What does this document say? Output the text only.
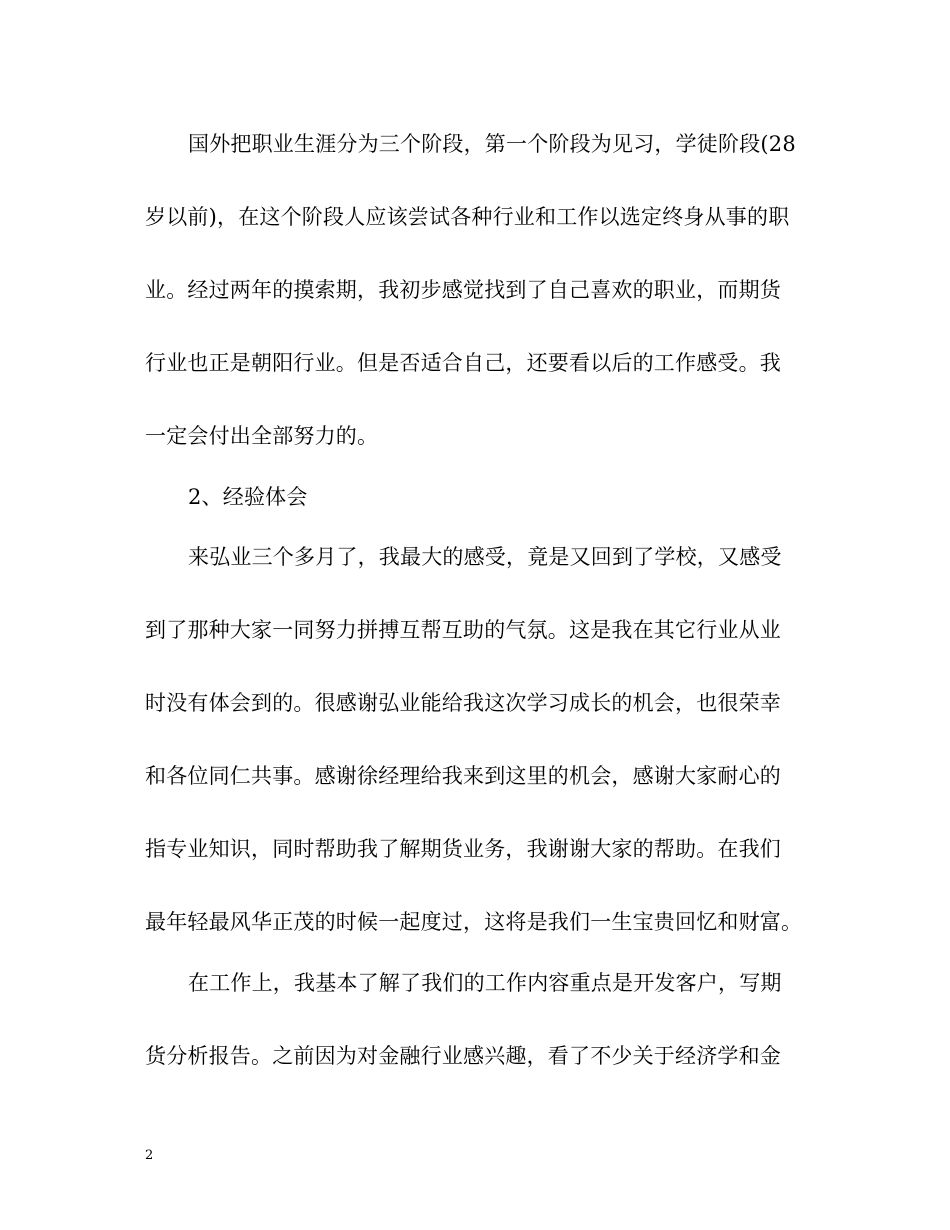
国外把职业生涯分为三个阶段，第一个阶段为见习，学徒阶段(28
岁以前)，在这个阶段人应该尝试各种行业和工作以选定终身从事的职
业。经过两年的摸索期，我初步感觉找到了自己喜欢的职业，而期货
行业也正是朝阳行业。但是否适合自己，还要看以后的工作感受。我
一定会付出全部努力的。
2、经验体会
来弘业三个多月了，我最大的感受，竟是又回到了学校，又感受
到了那种大家一同努力拼搏互帮互助的气氛。这是我在其它行业从业
时没有体会到的。很感谢弘业能给我这次学习成长的机会，也很荣幸
和各位同仁共事。感谢徐经理给我来到这里的机会，感谢大家耐心的
指专业知识，同时帮助我了解期货业务，我谢谢大家的帮助。在我们
最年轻最风华正茂的时候一起度过，这将是我们一生宝贵回忆和财富。
在工作上，我基本了解了我们的工作内容重点是开发客户，写期
货分析报告。之前因为对金融行业感兴趣，看了不少关于经济学和金
2
